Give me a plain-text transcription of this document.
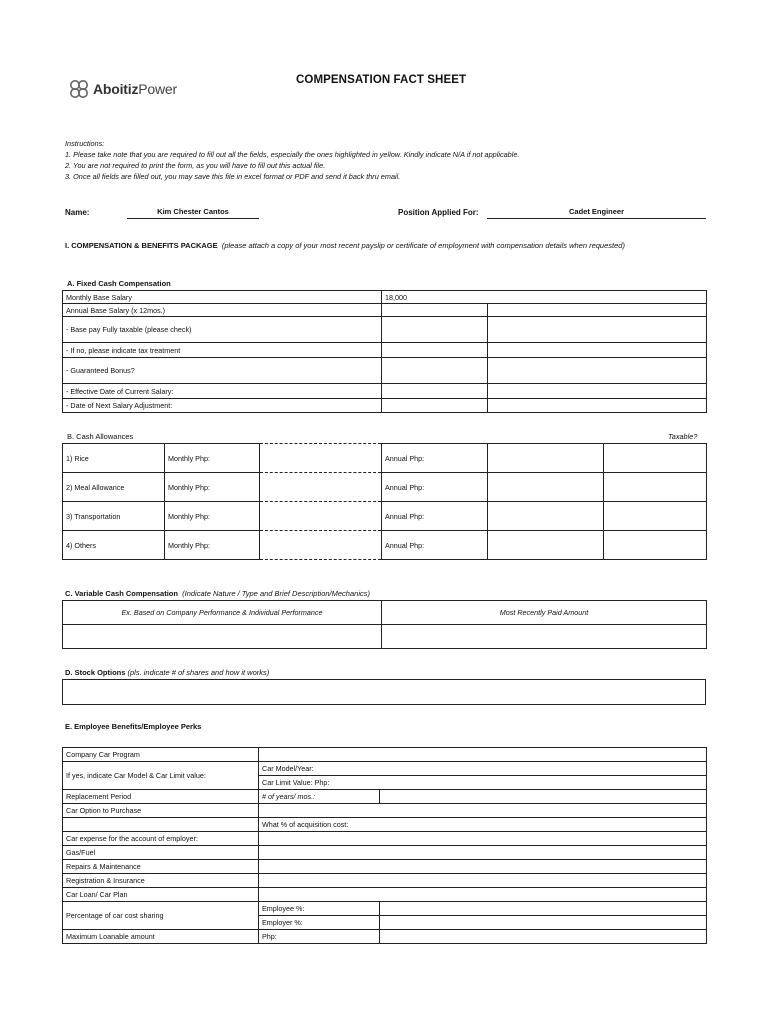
AboitizPower
COMPENSATION FACT SHEET
Instructions:
1. Please take note that you are required to fill out all the fields, especially the ones highlighted in yellow. Kindly indicate N/A if not applicable.
2. You are not required to print the form, as you will have to fill out this actual file.
3. Once all fields are filled out, you may save this file in excel format or PDF and send it back thru email.
Name:	Kim Chester Cantos	Position Applied For:	Cadet Engineer
I. COMPENSATION & BENEFITS PACKAGE (please attach a copy of your most recent payslip or certificate of employment with compensation details when requested)
A. Fixed Cash Compensation
Monthly Base Salary	18,000	
Annual Base Salary (x 12mos.)		
- Base pay Fully taxable (please check)		
- If no, please indicate tax treatment		
- Guaranteed Bonus?		
- Effective Date of Current Salary:		
- Date of Next Salary Adjustment:		
B. Cash Allowances	Taxable?
1) Rice	Monthly Php:		Annual Php:		
2) Meal Allowance	Monthly Php:		Annual Php:		
3) Transportation	Monthly Php:		Annual Php:		
4) Others	Monthly Php:		Annual Php:		
C. Variable Cash Compensation (Indicate Nature / Type and Brief Description/Mechanics)
Ex. Based on Company Performance & Individual Performance	Most Recently Paid Amount

D. Stock Options (pls. indicate # of shares and how it works)
E. Employee Benefits/Employee Perks
Company Car Program		
If yes, indicate Car Model & Car Limit value:	Car Model/Year:	
	Car Limit Value: Php:	
Replacement Period	# of years/ mos.:	
Car Option to Purchase		
	What % of acquisition cost:	
Car expense for the account of employer:		
Gas/Fuel		
Repairs & Maintenance		
Registration & Insurance		
Car Loan/ Car Plan		
Percentage of car cost sharing	Employee %:	
	Employer %:	
Maximum Loanable amount	Php:	
